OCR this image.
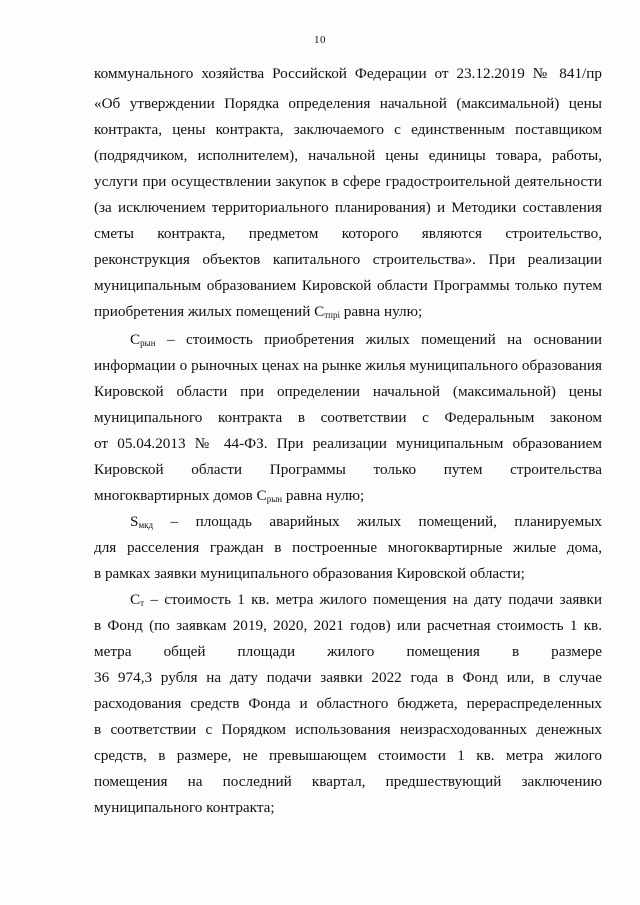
10
коммунального хозяйства Российской Федерации от 23.12.2019 № 841/пр
«Об утверждении Порядка определения начальной (максимальной) цены
контракта, цены контракта, заключаемого с единственным поставщиком
(подрядчиком, исполнителем), начальной цены единицы товара, работы,
услуги при осуществлении закупок в сфере градостроительной деятельности
(за исключением территориального планирования) и Методики составления
сметы контракта, предметом которого являются строительство,
реконструкция объектов капитального строительства». При реализации
муниципальным образованием Кировской области Программы только путем
приобретения жилых помещений $С_{тпрi}$ равна нулю;
$С_{рын}$ – стоимость приобретения жилых помещений на основании
информации о рыночных ценах на рынке жилья муниципального образования
Кировской области при определении начальной (максимальной) цены
муниципального контракта в соответствии с Федеральным законом
от 05.04.2013 № 44-ФЗ. При реализации муниципальным образованием
Кировской области Программы только путем строительства
многоквартирных домов $С_{рын}$ равна нулю;
$S_{мкд}$ – площадь аварийных жилых помещений, планируемых
для расселения граждан в построенные многоквартирные жилые дома,
в рамках заявки муниципального образования Кировской области;
$С_т$ – стоимость 1 кв. метра жилого помещения на дату подачи заявки
в Фонд (по заявкам 2019, 2020, 2021 годов) или расчетная стоимость 1 кв.
метра общей площади жилого помещения в размере
36 974,3 рубля на дату подачи заявки 2022 года в Фонд или, в случае
расходования средств Фонда и областного бюджета, перераспределенных
в соответствии с Порядком использования неизрасходованных денежных
средств, в размере, не превышающем стоимости 1 кв. метра жилого
помещения на последний квартал, предшествующий заключению
муниципального контракта;
